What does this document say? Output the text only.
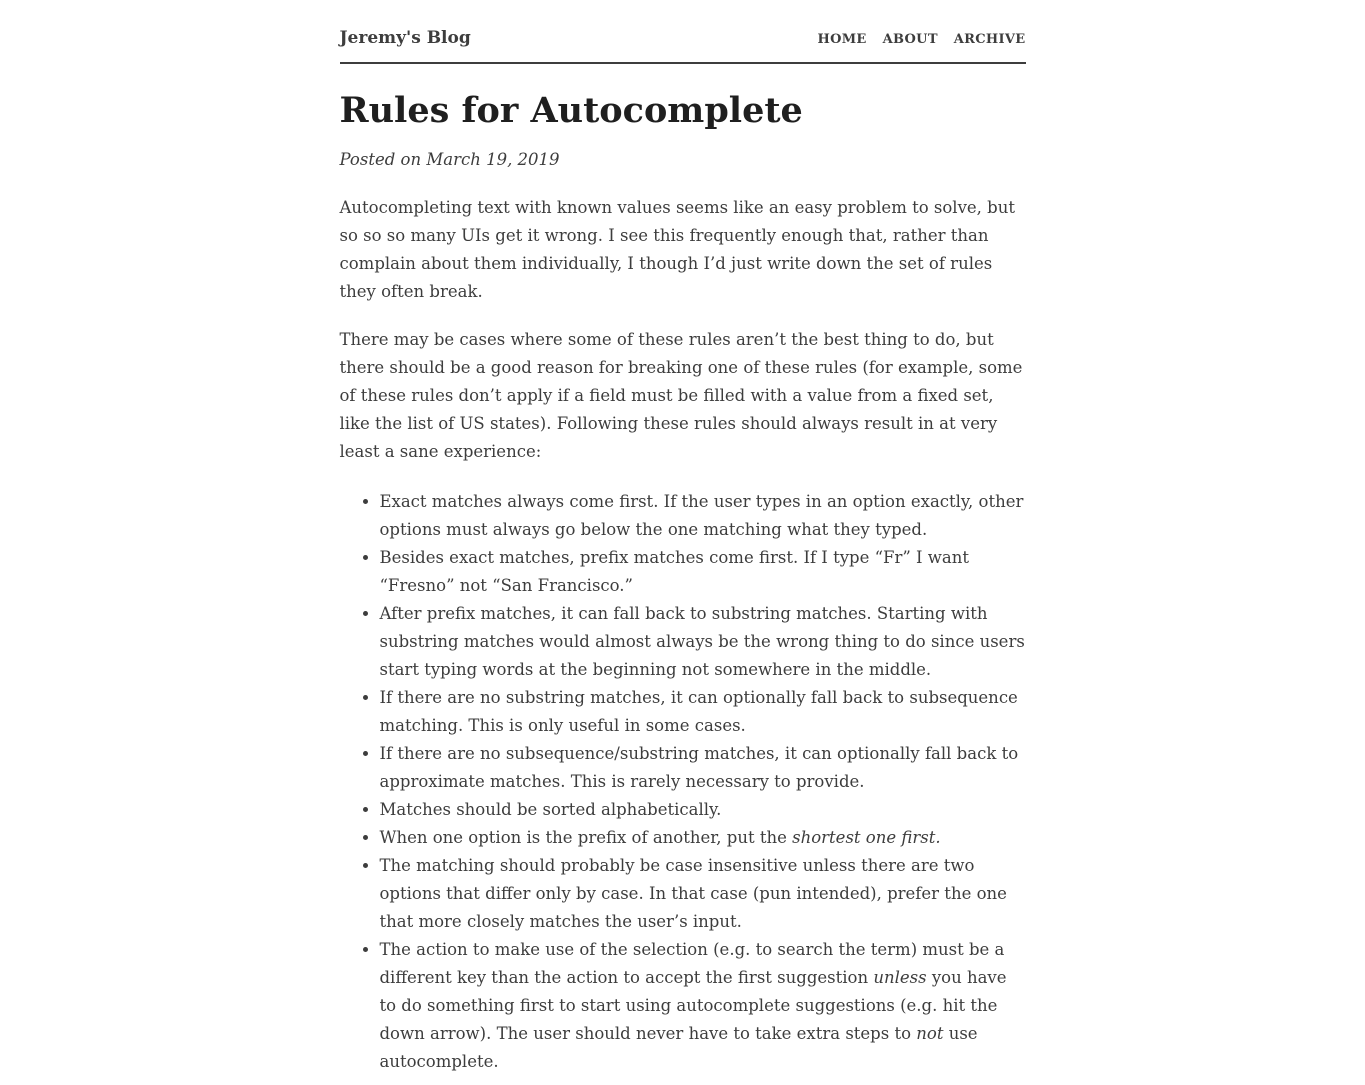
Jeremy's Blog	HOME ABOUT ARCHIVE
Rules for Autocomplete

Posted on March 19, 2019

Autocompleting text with known values seems like an easy problem to solve, but so so so many UIs get it wrong. I see this frequently enough that, rather than complain about them individually, I though I’d just write down the set of rules they often break.

There may be cases where some of these rules aren’t the best thing to do, but there should be a good reason for breaking one of these rules (for example, some of these rules don’t apply if a field must be filled with a value from a fixed set, like the list of US states). Following these rules should always result in at very least a sane experience:

• Exact matches always come first. If the user types in an option exactly, other options must always go below the one matching what they typed.
• Besides exact matches, prefix matches come first. If I type “Fr” I want “Fresno” not “San Francisco.”
• After prefix matches, it can fall back to substring matches. Starting with substring matches would almost always be the wrong thing to do since users start typing words at the beginning not somewhere in the middle.
• If there are no substring matches, it can optionally fall back to subsequence matching. This is only useful in some cases.
• If there are no subsequence/substring matches, it can optionally fall back to approximate matches. This is rarely necessary to provide.
• Matches should be sorted alphabetically.
• When one option is the prefix of another, put the shortest one first.
• The matching should probably be case insensitive unless there are two options that differ only by case. In that case (pun intended), prefer the one that more closely matches the user’s input.
• The action to make use of the selection (e.g. to search the term) must be a different key than the action to accept the first suggestion unless you have to do something first to start using autocomplete suggestions (e.g. hit the down arrow). The user should never have to take extra steps to not use autocomplete.
